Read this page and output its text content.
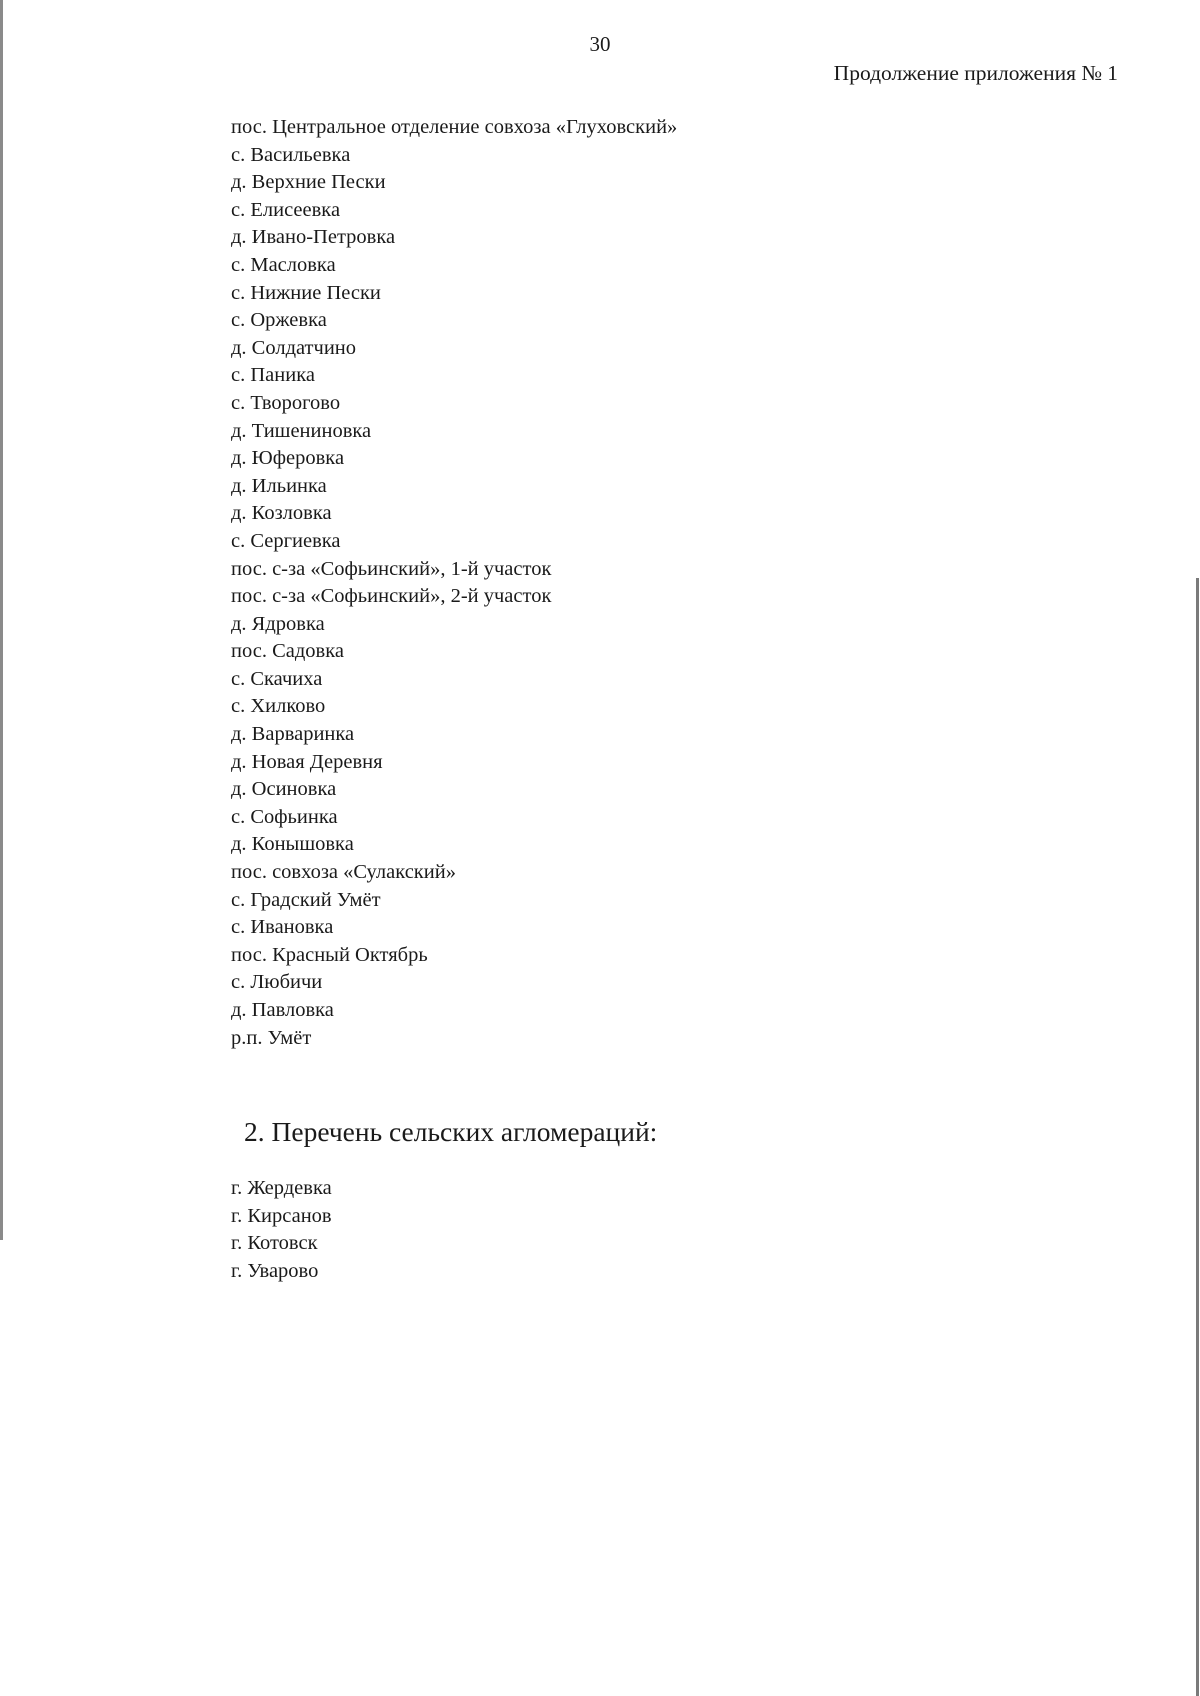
30
Продолжение приложения № 1
пос. Центральное отделение совхоза «Глуховский»
с. Васильевка
д. Верхние Пески
с. Елисеевка
д. Ивано-Петровка
с. Масловка
с. Нижние Пески
с. Оржевка
д. Солдатчино
с. Паника
с. Творогово
д. Тишениновка
д. Юферовка
д. Ильинка
д. Козловка
с. Сергиевка
пос. с-за «Софьинский», 1-й участок
пос. с-за «Софьинский», 2-й участок
д. Ядровка
пос. Садовка
с. Скачиха
с. Хилково
д. Варваринка
д. Новая Деревня
д. Осиновка
с. Софьинка
д. Конышовка
пос. совхоза «Сулакский»
с. Градский Умёт
с. Ивановка
пос. Красный Октябрь
с. Любичи
д. Павловка
р.п. Умёт
2. Перечень сельских агломераций:
г. Жердевка
г. Кирсанов
г. Котовск
г. Уварово
